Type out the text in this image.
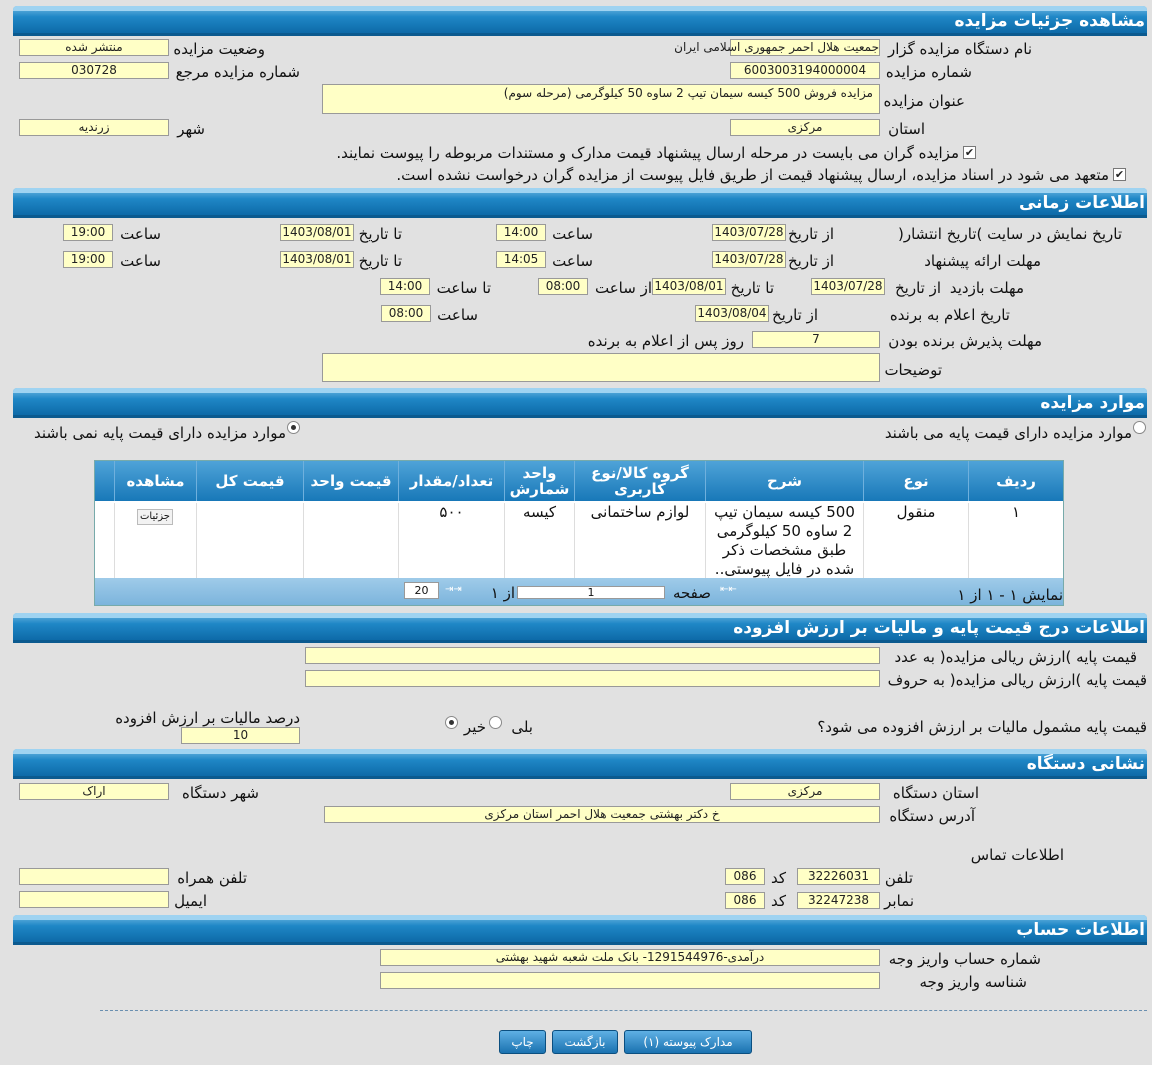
مشاهده جزئیات مزایده
نام دستگاه مزایده گزار
جمعیت هلال احمر جمهوری اسلامی ایران
وضعیت مزایده
منتشر شده
شماره مزایده
6003003194000004
شماره مزایده مرجع
030728
عنوان مزایده
مزایده فروش 500 کیسه سیمان تیپ 2 ساوه 50 کیلوگرمی (مرحله سوم)
استان
مرکزی
شهر
زرندیه
✔
مزایده گران می بایست در مرحله ارسال پیشنهاد قیمت مدارک و مستندات مربوطه را پیوست نمایند.
✔
متعهد می شود در اسناد مزایده، ارسال پیشنهاد قیمت از طریق فایل پیوست از مزایده گران درخواست نشده است.
اطلاعات زمانی
تاریخ نمایش در سایت )تاریخ انتشار(
از تاریخ
1403/07/28
ساعت
14:00
تا تاریخ
1403/08/01
ساعت
19:00
مهلت ارائه پیشنهاد
از تاریخ
1403/07/28
ساعت
14:05
تا تاریخ
1403/08/01
ساعت
19:00
مهلت بازدید
از تاریخ
1403/07/28
تا تاریخ
1403/08/01
از ساعت
08:00
تا ساعت
14:00
تاریخ اعلام به برنده
از تاریخ
1403/08/04
ساعت
08:00
مهلت پذیرش برنده بودن
7
روز پس از اعلام به برنده
توضیحات
موارد مزایده
موارد مزایده دارای قیمت پایه می باشند
موارد مزایده دارای قیمت پایه نمی باشند
ردیف
نوع
شرح
گروه کالا/نوع کاربری
واحد شمارش
تعداد/مقدار
قیمت واحد
قیمت کل
مشاهده
۱
منقول
500 کیسه سیمان تیپ 2 ساوه 50 کیلوگرمی طبق مشخصات ذکر شده در فایل پیوستی..
لوازم ساختمانی
کیسه
۵۰۰
جزئیات
نمایش ۱ - ۱ از ۱
⇤⇤
صفحه
1
از ۱
⇥⇥
20
اطلاعات درج قیمت پایه و مالیات بر ارزش افزوده
قیمت پایه )ارزش ریالی مزایده( به عدد
قیمت پایه )ارزش ریالی مزایده( به حروف
قیمت پایه مشمول مالیات بر ارزش افزوده می شود؟
بلی
خیر
درصد مالیات بر ارزش افزوده
10
نشانی دستگاه
استان دستگاه
مرکزی
شهر دستگاه
اراک
آدرس دستگاه
خ دکتر بهشتی جمعیت هلال احمر استان مرکزی
اطلاعات تماس
تلفن
32226031
کد
086
تلفن همراه
نمابر
32247238
کد
086
ایمیل
اطلاعات حساب
شماره حساب واریز وجه
درآمدی-1291544976- بانک ملت شعبه شهید بهشتی
شناسه واریز وجه
مدارک پیوسته (۱)
بازگشت
چاپ
